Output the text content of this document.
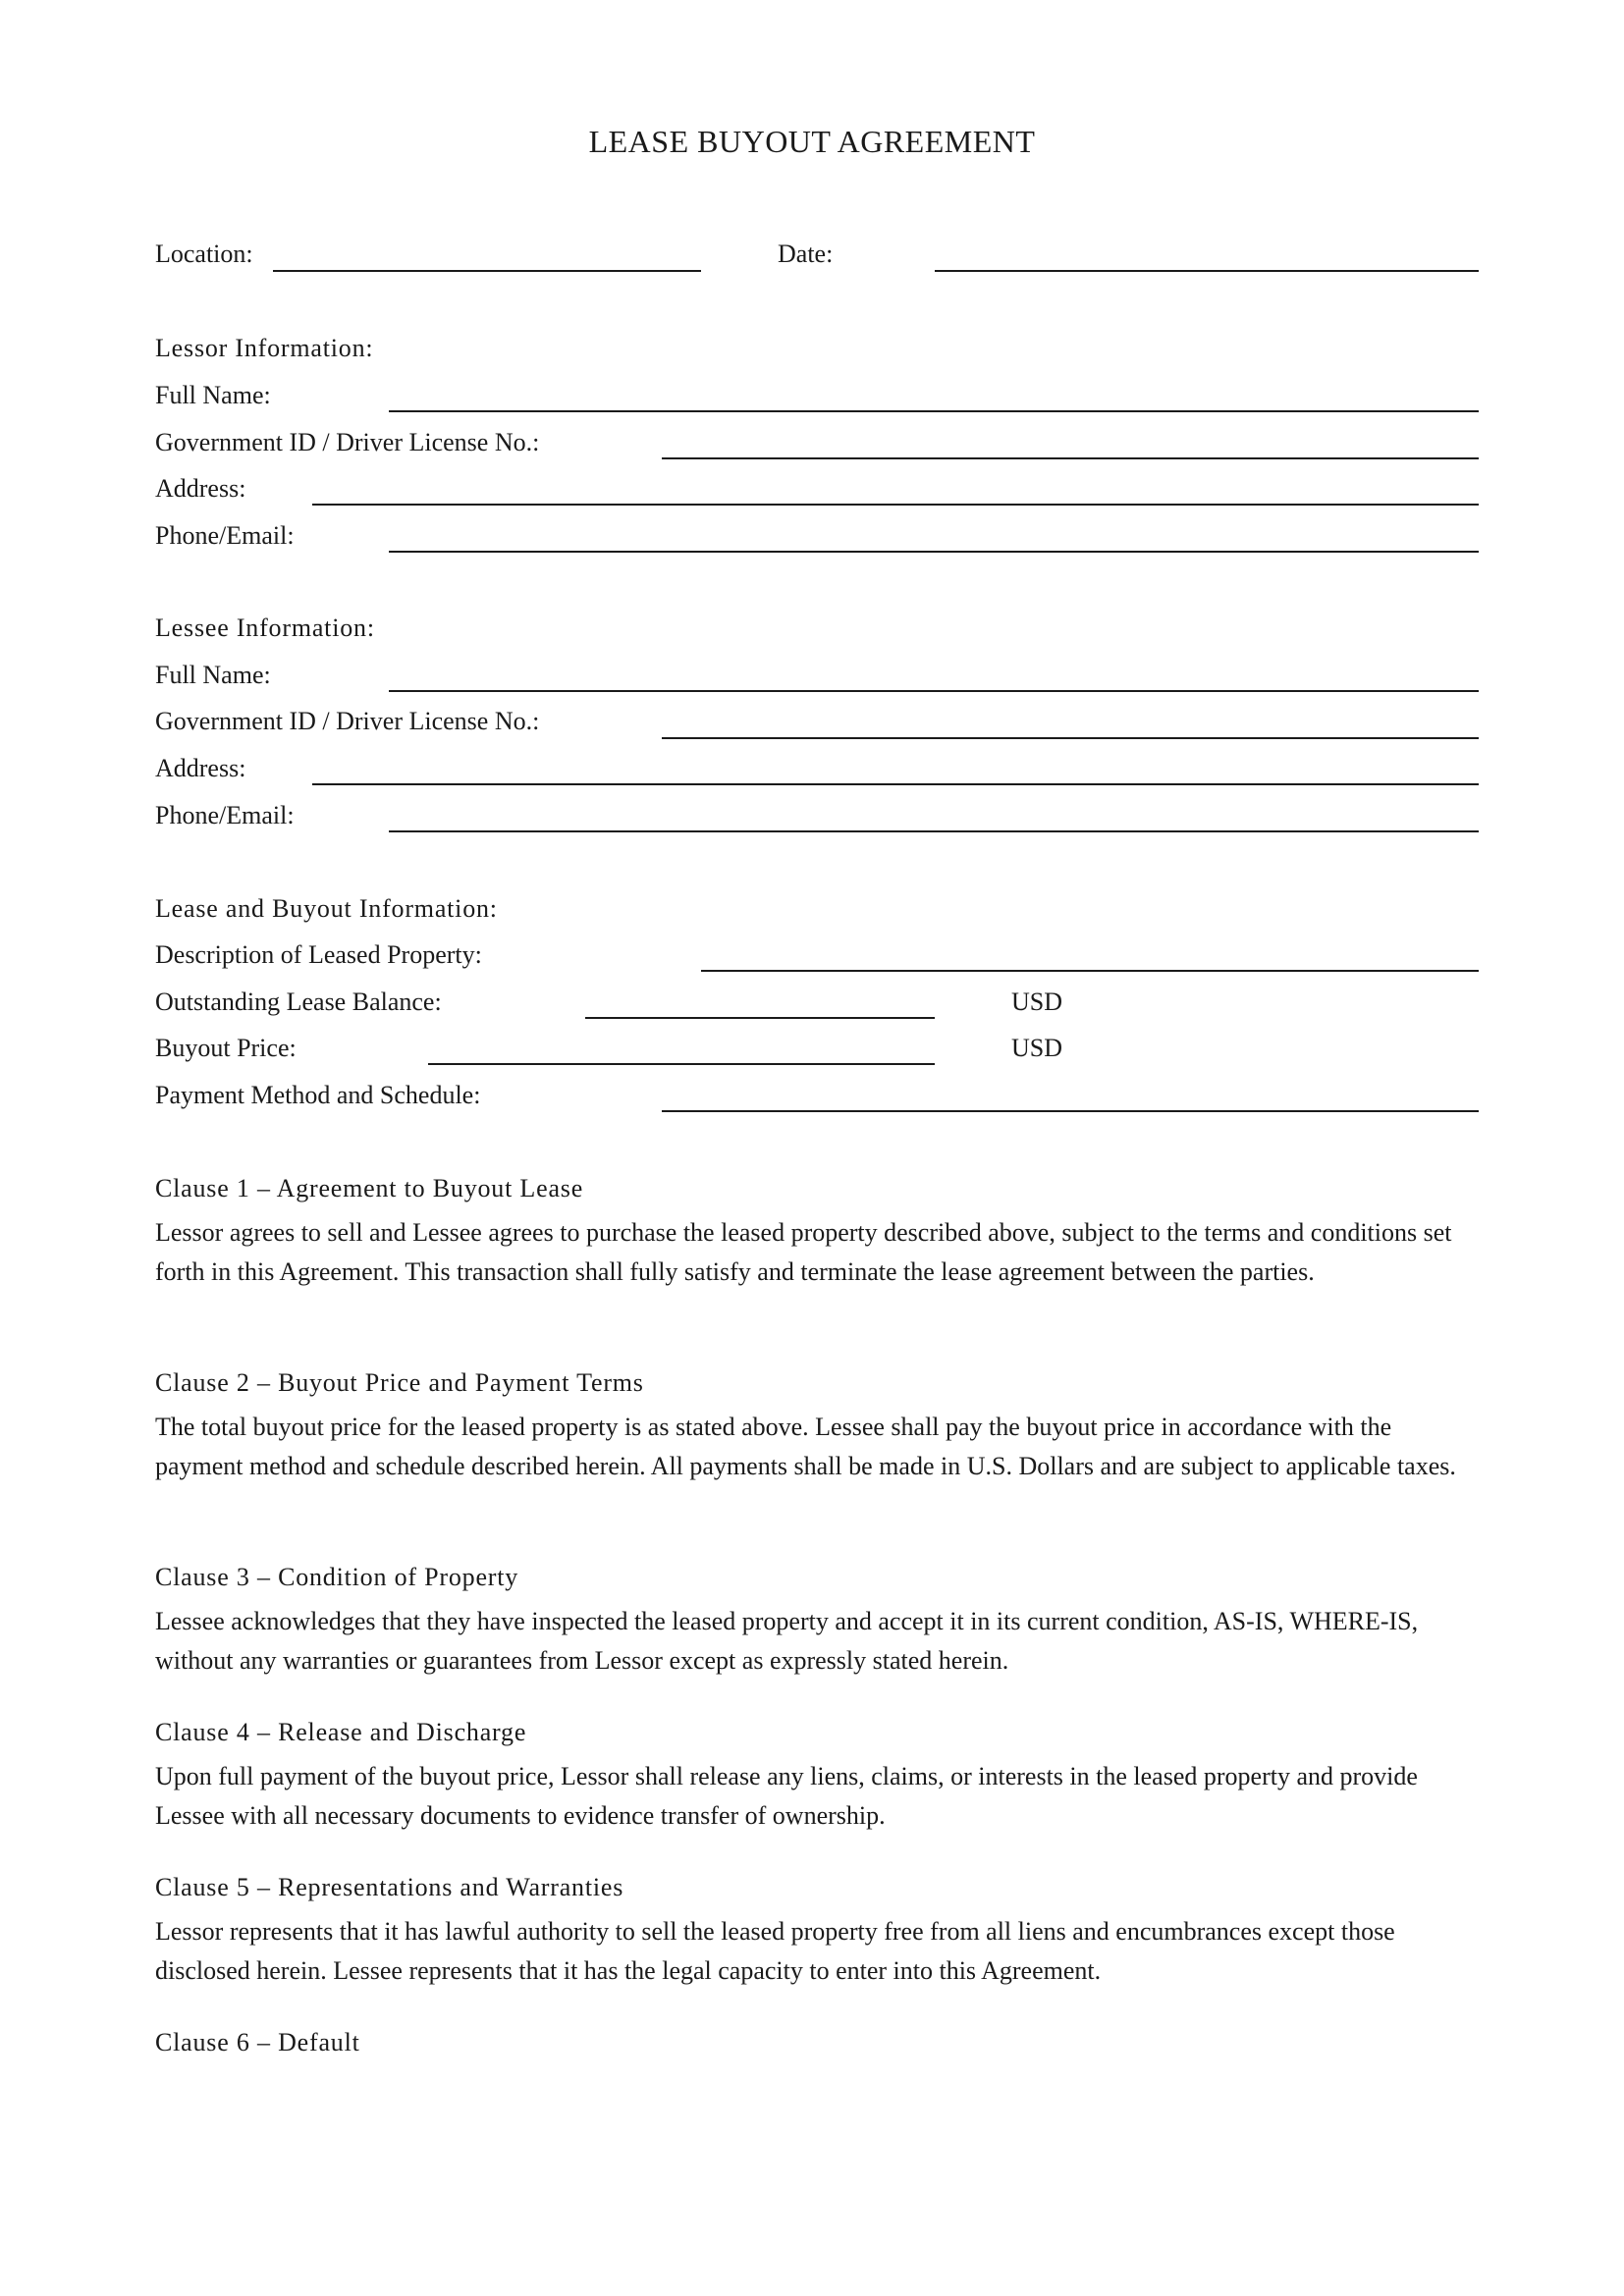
LEASE BUYOUT AGREEMENT
Location:	Date:
Lessor Information:
Full Name:
Government ID / Driver License No.:
Address:
Phone/Email:
Lessee Information:
Full Name:
Government ID / Driver License No.:
Address:
Phone/Email:
Lease and Buyout Information:
Description of Leased Property:
Outstanding Lease Balance:	USD
Buyout Price:	USD
Payment Method and Schedule:
Clause 1 – Agreement to Buyout Lease
Lessor agrees to sell and Lessee agrees to purchase the leased property described above, subject to the terms and conditions set forth in this Agreement. This transaction shall fully satisfy and terminate the lease agreement between the parties.
Clause 2 – Buyout Price and Payment Terms
The total buyout price for the leased property is as stated above. Lessee shall pay the buyout price in accordance with the payment method and schedule described herein. All payments shall be made in U.S. Dollars and are subject to applicable taxes.
Clause 3 – Condition of Property
Lessee acknowledges that they have inspected the leased property and accept it in its current condition, AS-IS, WHERE-IS, without any warranties or guarantees from Lessor except as expressly stated herein.
Clause 4 – Release and Discharge
Upon full payment of the buyout price, Lessor shall release any liens, claims, or interests in the leased property and provide Lessee with all necessary documents to evidence transfer of ownership.
Clause 5 – Representations and Warranties
Lessor represents that it has lawful authority to sell the leased property free from all liens and encumbrances except those disclosed herein. Lessee represents that it has the legal capacity to enter into this Agreement.
Clause 6 – Default
